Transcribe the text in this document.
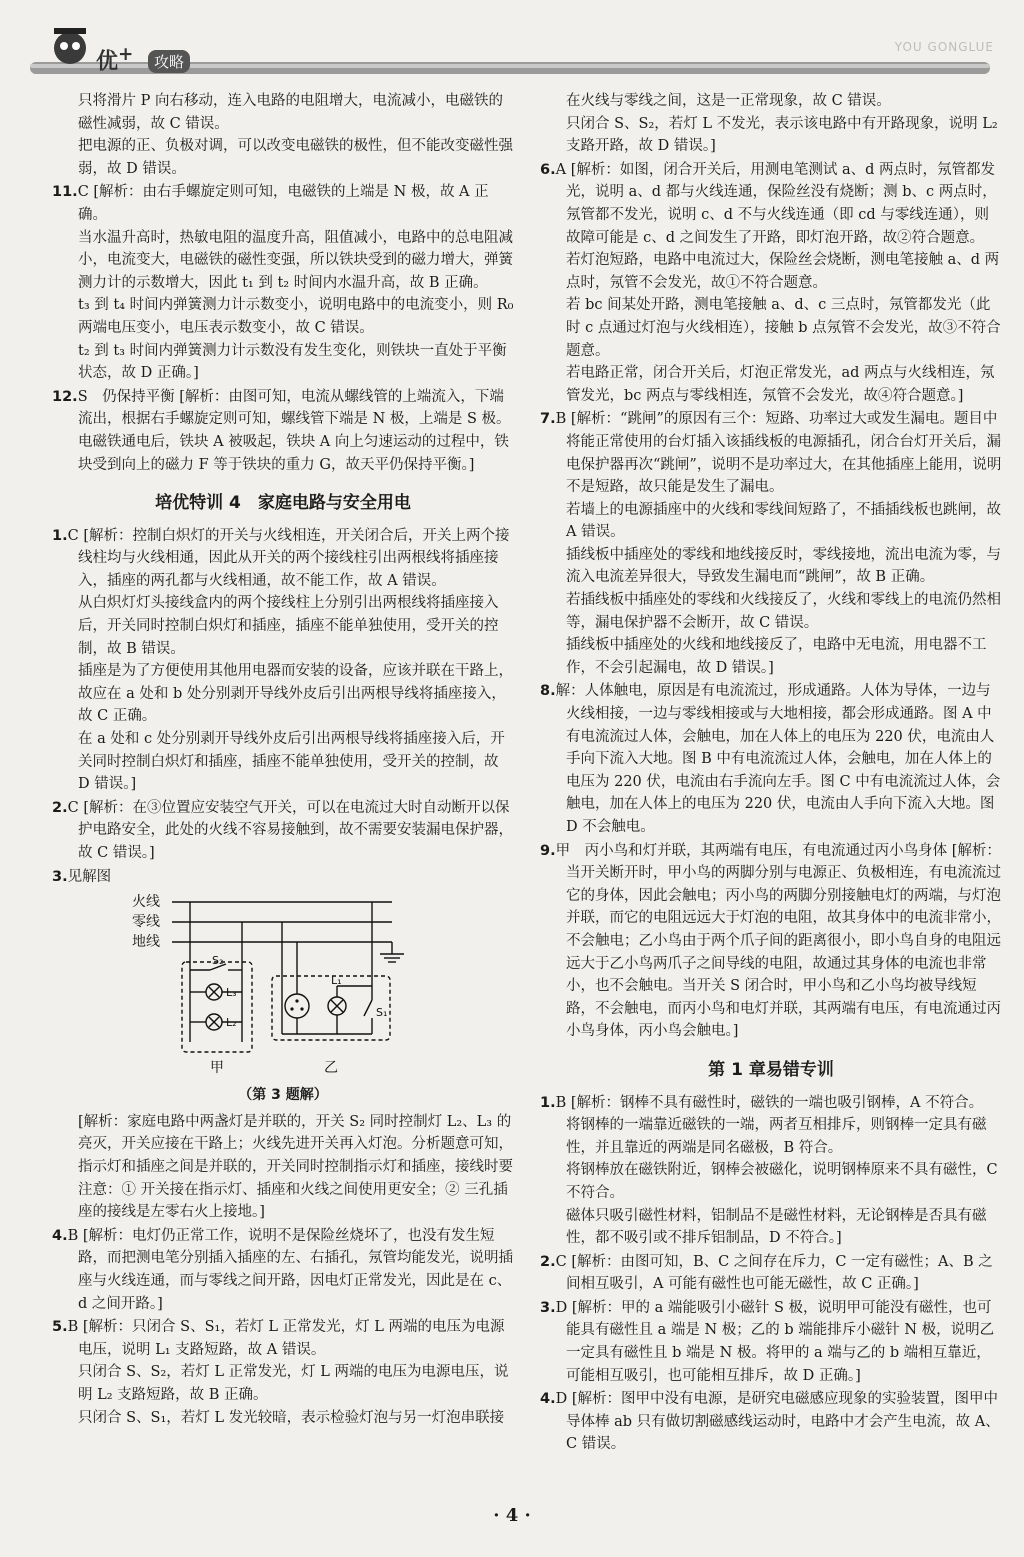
优+	攻略
YOU GONGLUE

只将滑片 P 向右移动，连入电路的电阻增大，电流减小，电磁铁的磁性减弱，故 C 错误。

把电源的正、负极对调，可以改变电磁铁的极性，但不能改变磁性强弱，故 D 错误。

11.C [解析：由右手螺旋定则可知，电磁铁的上端是 N 极，故 A 正确。

当水温升高时，热敏电阻的温度升高，阻值减小，电路中的总电阻减小，电流变大，电磁铁的磁性变强，所以铁块受到的磁力增大，弹簧测力计的示数增大，因此 t₁ 到 t₂ 时间内水温升高，故 B 正确。

t₃ 到 t₄ 时间内弹簧测力计示数变小，说明电路中的电流变小，则 R₀ 两端电压变小，电压表示数变小，故 C 错误。

t₂ 到 t₃ 时间内弹簧测力计示数没有发生变化，则铁块一直处于平衡状态，故 D 正确。]

12.S　仍保持平衡 [解析：由图可知，电流从螺线管的上端流入，下端流出，根据右手螺旋定则可知，螺线管下端是 N 极，上端是 S 极。电磁铁通电后，铁块 A 被吸起，铁块 A 向上匀速运动的过程中，铁块受到向上的磁力 F 等于铁块的重力 G，故天平仍保持平衡。]

培优特训 4　家庭电路与安全用电

1.C [解析：控制白炽灯的开关与火线相连，开关闭合后，开关上两个接线柱均与火线相通，因此从开关的两个接线柱引出两根线将插座接入，插座的两孔都与火线相通，故不能工作，故 A 错误。

从白炽灯灯头接线盒内的两个接线柱上分别引出两根线将插座接入后，开关同时控制白炽灯和插座，插座不能单独使用，受开关的控制，故 B 错误。

插座是为了方便使用其他用电器而安装的设备，应该并联在干路上，故应在 a 处和 b 处分别剥开导线外皮后引出两根导线将插座接入，故 C 正确。

在 a 处和 c 处分别剥开导线外皮后引出两根导线将插座接入后，开关同时控制白炽灯和插座，插座不能单独使用，受开关的控制，故 D 错误。]

2.C [解析：在③位置应安装空气开关，可以在电流过大时自动断开以保护电路安全，此处的火线不容易接触到，故不需要安装漏电保护器，故 C 错误。]

3.见解图

火线
零线
地线
S₂
L₃
L₂
L₁
S₁
甲	乙
（第 3 题解）

[解析：家庭电路中两盏灯是并联的，开关 S₂ 同时控制灯 L₂、L₃ 的亮灭，开关应接在干路上；火线先进开关再入灯泡。分析题意可知，指示灯和插座之间是并联的，开关同时控制指示灯和插座，接线时要注意：① 开关接在指示灯、插座和火线之间使用更安全；② 三孔插座的接线是左零右火上接地。]

4.B [解析：电灯仍正常工作，说明不是保险丝烧坏了，也没有发生短路，而把测电笔分别插入插座的左、右插孔，氖管均能发光，说明插座与火线连通，而与零线之间开路，因电灯正常发光，因此是在 c、d 之间开路。]

5.B [解析：只闭合 S、S₁，若灯 L 正常发光，灯 L 两端的电压为电源电压，说明 L₁ 支路短路，故 A 错误。

只闭合 S、S₂，若灯 L 正常发光，灯 L 两端的电压为电源电压，说明 L₂ 支路短路，故 B 正确。

只闭合 S、S₁，若灯 L 发光较暗，表示检验灯泡与另一灯泡串联接

在火线与零线之间，这是一正常现象，故 C 错误。

只闭合 S、S₂，若灯 L 不发光，表示该电路中有开路现象，说明 L₂ 支路开路，故 D 错误。]

6.A [解析：如图，闭合开关后，用测电笔测试 a、d 两点时，氖管都发光，说明 a、d 都与火线连通，保险丝没有烧断；测 b、c 两点时，氖管都不发光，说明 c、d 不与火线连通（即 cd 与零线连通），则故障可能是 c、d 之间发生了开路，即灯泡开路，故②符合题意。

若灯泡短路，电路中电流过大，保险丝会烧断，测电笔接触 a、d 两点时，氖管不会发光，故①不符合题意。

若 bc 间某处开路，测电笔接触 a、d、c 三点时，氖管都发光（此时 c 点通过灯泡与火线相连），接触 b 点氖管不会发光，故③不符合题意。

若电路正常，闭合开关后，灯泡正常发光，ad 两点与火线相连，氖管发光，bc 两点与零线相连，氖管不会发光，故④符合题意。]

7.B [解析：“跳闸”的原因有三个：短路、功率过大或发生漏电。题目中将能正常使用的台灯插入该插线板的电源插孔，闭合台灯开关后，漏电保护器再次“跳闸”，说明不是功率过大，在其他插座上能用，说明不是短路，故只能是发生了漏电。

若墙上的电源插座中的火线和零线间短路了，不插插线板也跳闸，故 A 错误。

插线板中插座处的零线和地线接反时，零线接地，流出电流为零，与流入电流差异很大，导致发生漏电而“跳闸”，故 B 正确。

若插线板中插座处的零线和火线接反了，火线和零线上的电流仍然相等，漏电保护器不会断开，故 C 错误。

插线板中插座处的火线和地线接反了，电路中无电流，用电器不工作，不会引起漏电，故 D 错误。]

8.解：人体触电，原因是有电流流过，形成通路。人体为导体，一边与火线相接，一边与零线相接或与大地相接，都会形成通路。图 A 中有电流流过人体，会触电，加在人体上的电压为 220 伏，电流由人手向下流入大地。图 B 中有电流流过人体，会触电，加在人体上的电压为 220 伏，电流由右手流向左手。图 C 中有电流流过人体，会触电，加在人体上的电压为 220 伏，电流由人手向下流入大地。图 D 不会触电。

9.甲　丙小鸟和灯并联，其两端有电压，有电流通过丙小鸟身体 [解析：当开关断开时，甲小鸟的两脚分别与电源正、负极相连，有电流流过它的身体，因此会触电；丙小鸟的两脚分别接触电灯的两端，与灯泡并联，而它的电阻远远大于灯泡的电阻，故其身体中的电流非常小，不会触电；乙小鸟由于两个爪子间的距离很小，即小鸟自身的电阻远远大于乙小鸟两爪子之间导线的电阻，故通过其身体的电流也非常小，也不会触电。当开关 S 闭合时，甲小鸟和乙小鸟均被导线短路，不会触电，而丙小鸟和电灯并联，其两端有电压，有电流通过丙小鸟身体，丙小鸟会触电。]

第 1 章易错专训

1.B [解析：钢棒不具有磁性时，磁铁的一端也吸引钢棒，A 不符合。

将钢棒的一端靠近磁铁的一端，两者互相排斥，则钢棒一定具有磁性，并且靠近的两端是同名磁极，B 符合。

将钢棒放在磁铁附近，钢棒会被磁化，说明钢棒原来不具有磁性，C 不符合。

磁体只吸引磁性材料，铝制品不是磁性材料，无论钢棒是否具有磁性，都不吸引或不排斥铝制品，D 不符合。]

2.C [解析：由图可知，B、C 之间存在斥力，C 一定有磁性；A、B 之间相互吸引，A 可能有磁性也可能无磁性，故 C 正确。]

3.D [解析：甲的 a 端能吸引小磁针 S 极，说明甲可能没有磁性，也可能具有磁性且 a 端是 N 极；乙的 b 端能排斥小磁针 N 极，说明乙一定具有磁性且 b 端是 N 极。将甲的 a 端与乙的 b 端相互靠近，可能相互吸引，也可能相互排斥，故 D 正确。]

4.D [解析：图甲中没有电源，是研究电磁感应现象的实验装置，图甲中导体棒 ab 只有做切割磁感线运动时，电路中才会产生电流，故 A、C 错误。

· 4 ·
